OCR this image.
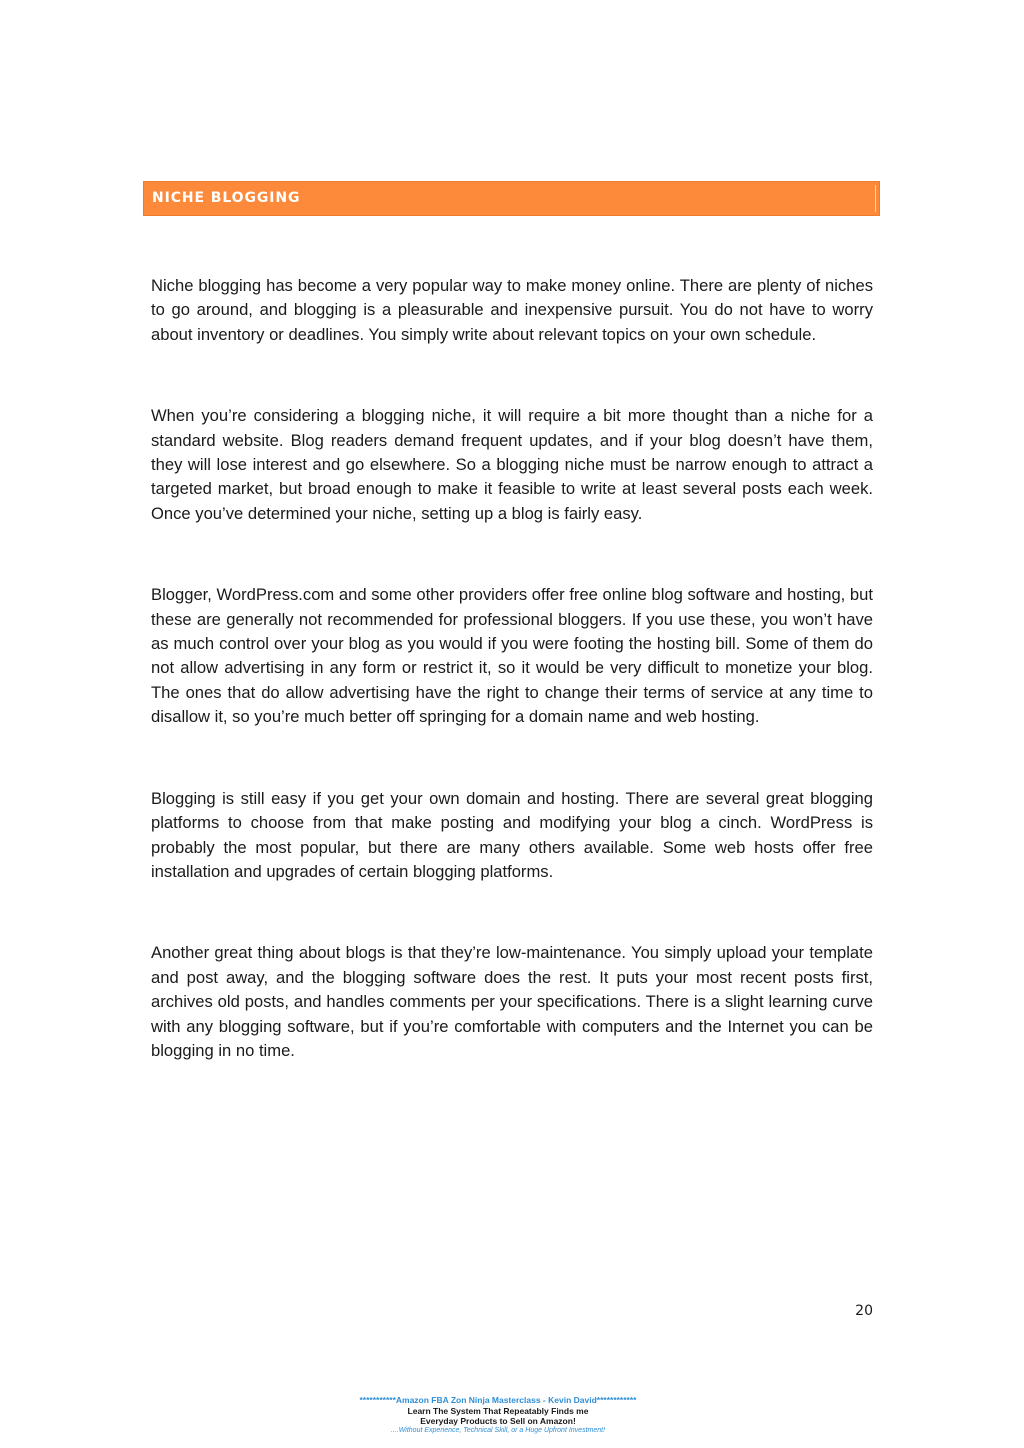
NICHE BLOGGING

Niche blogging has become a very popular way to make money online. There are plenty of niches to go around, and blogging is a pleasurable and inexpensive pursuit. You do not have to worry about inventory or deadlines. You simply write about relevant topics on your own schedule.

When you’re considering a blogging niche, it will require a bit more thought than a niche for a standard website. Blog readers demand frequent updates, and if your blog doesn’t have them, they will lose interest and go elsewhere. So a blogging niche must be narrow enough to attract a targeted market, but broad enough to make it feasible to write at least several posts each week. Once you’ve determined your niche, setting up a blog is fairly easy.

Blogger, WordPress.com and some other providers offer free online blog software and hosting, but these are generally not recommended for professional bloggers. If you use these, you won’t have as much control over your blog as you would if you were footing the hosting bill. Some of them do not allow advertising in any form or restrict it, so it would be very difficult to monetize your blog. The ones that do allow advertising have the right to change their terms of service at any time to disallow it, so you’re much better off springing for a domain name and web hosting.

Blogging is still easy if you get your own domain and hosting. There are several great blogging platforms to choose from that make posting and modifying your blog a cinch. WordPress is probably the most popular, but there are many others available. Some web hosts offer free installation and upgrades of certain blogging platforms.

Another great thing about blogs is that they’re low-maintenance. You simply upload your template and post away, and the blogging software does the rest. It puts your most recent posts first, archives old posts, and handles comments per your specifications. There is a slight learning curve with any blogging software, but if you’re comfortable with computers and the Internet you can be blogging in no time.

20
***********Amazon FBA Zon Ninja Masterclass - Kevin David************
Learn The System That Repeatably Finds me
Everyday Products to Sell on Amazon!
....Without Experience, Technical Skill, or a Huge Upfront Investment!
